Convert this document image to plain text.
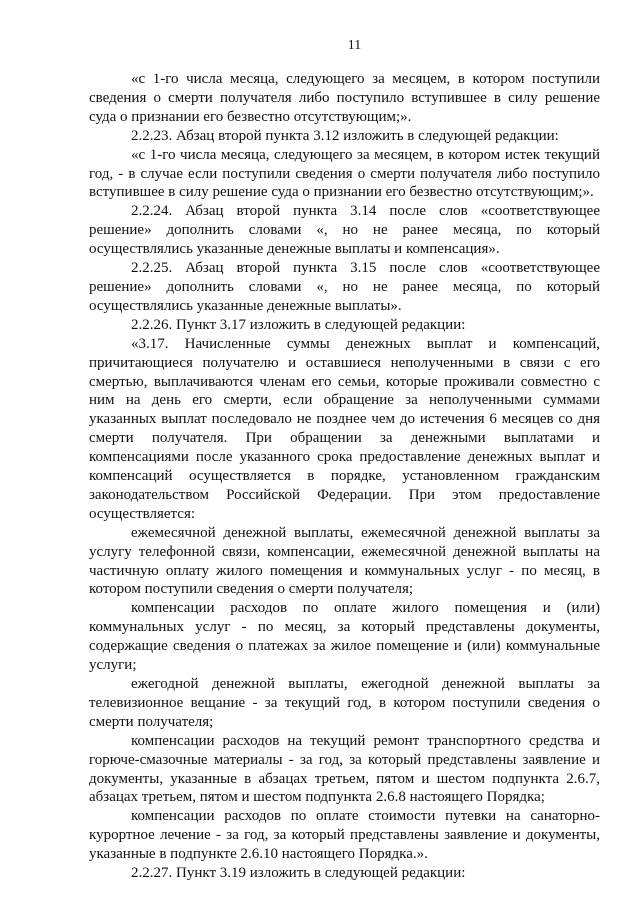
11

«с 1-го числа месяца, следующего за месяцем, в котором поступили сведения о смерти получателя либо поступило вступившее в силу решение суда о признании его безвестно отсутствующим;».

2.2.23. Абзац второй пункта 3.12 изложить в следующей редакции:

«с 1-го числа месяца, следующего за месяцем, в котором истек текущий год, - в случае если поступили сведения о смерти получателя либо поступило вступившее в силу решение суда о признании его безвестно отсутствующим;».

2.2.24. Абзац второй пункта 3.14 после слов «соответствующее решение» дополнить словами «, но не ранее месяца, по который осуществлялись указанные денежные выплаты и компенсация».

2.2.25. Абзац второй пункта 3.15 после слов «соответствующее решение» дополнить словами «, но не ранее месяца, по который осуществлялись указанные денежные выплаты».

2.2.26. Пункт 3.17 изложить в следующей редакции:

«3.17. Начисленные суммы денежных выплат и компенсаций, причитающиеся получателю и оставшиеся неполученными в связи с его смертью, выплачиваются членам его семьи, которые проживали совместно с ним на день его смерти, если обращение за неполученными суммами указанных выплат последовало не позднее чем до истечения 6 месяцев со дня смерти получателя. При обращении за денежными выплатами и компенсациями после указанного срока предоставление денежных выплат и компенсаций осуществляется в порядке, установленном гражданским законодательством Российской Федерации. При этом предоставление осуществляется:

ежемесячной денежной выплаты, ежемесячной денежной выплаты за услугу телефонной связи, компенсации, ежемесячной денежной выплаты на частичную оплату жилого помещения и коммунальных услуг - по месяц, в котором поступили сведения о смерти получателя;

компенсации расходов по оплате жилого помещения и (или) коммунальных услуг - по месяц, за который представлены документы, содержащие сведения о платежах за жилое помещение и (или) коммунальные услуги;

ежегодной денежной выплаты, ежегодной денежной выплаты за телевизионное вещание - за текущий год, в котором поступили сведения о смерти получателя;

компенсации расходов на текущий ремонт транспортного средства и горюче-смазочные материалы - за год, за который представлены заявление и документы, указанные в абзацах третьем, пятом и шестом подпункта 2.6.7, абзацах третьем, пятом и шестом подпункта 2.6.8 настоящего Порядка;

компенсации расходов по оплате стоимости путевки на санаторно-курортное лечение - за год, за который представлены заявление и документы, указанные в подпункте 2.6.10 настоящего Порядка.».

2.2.27. Пункт 3.19 изложить в следующей редакции:
